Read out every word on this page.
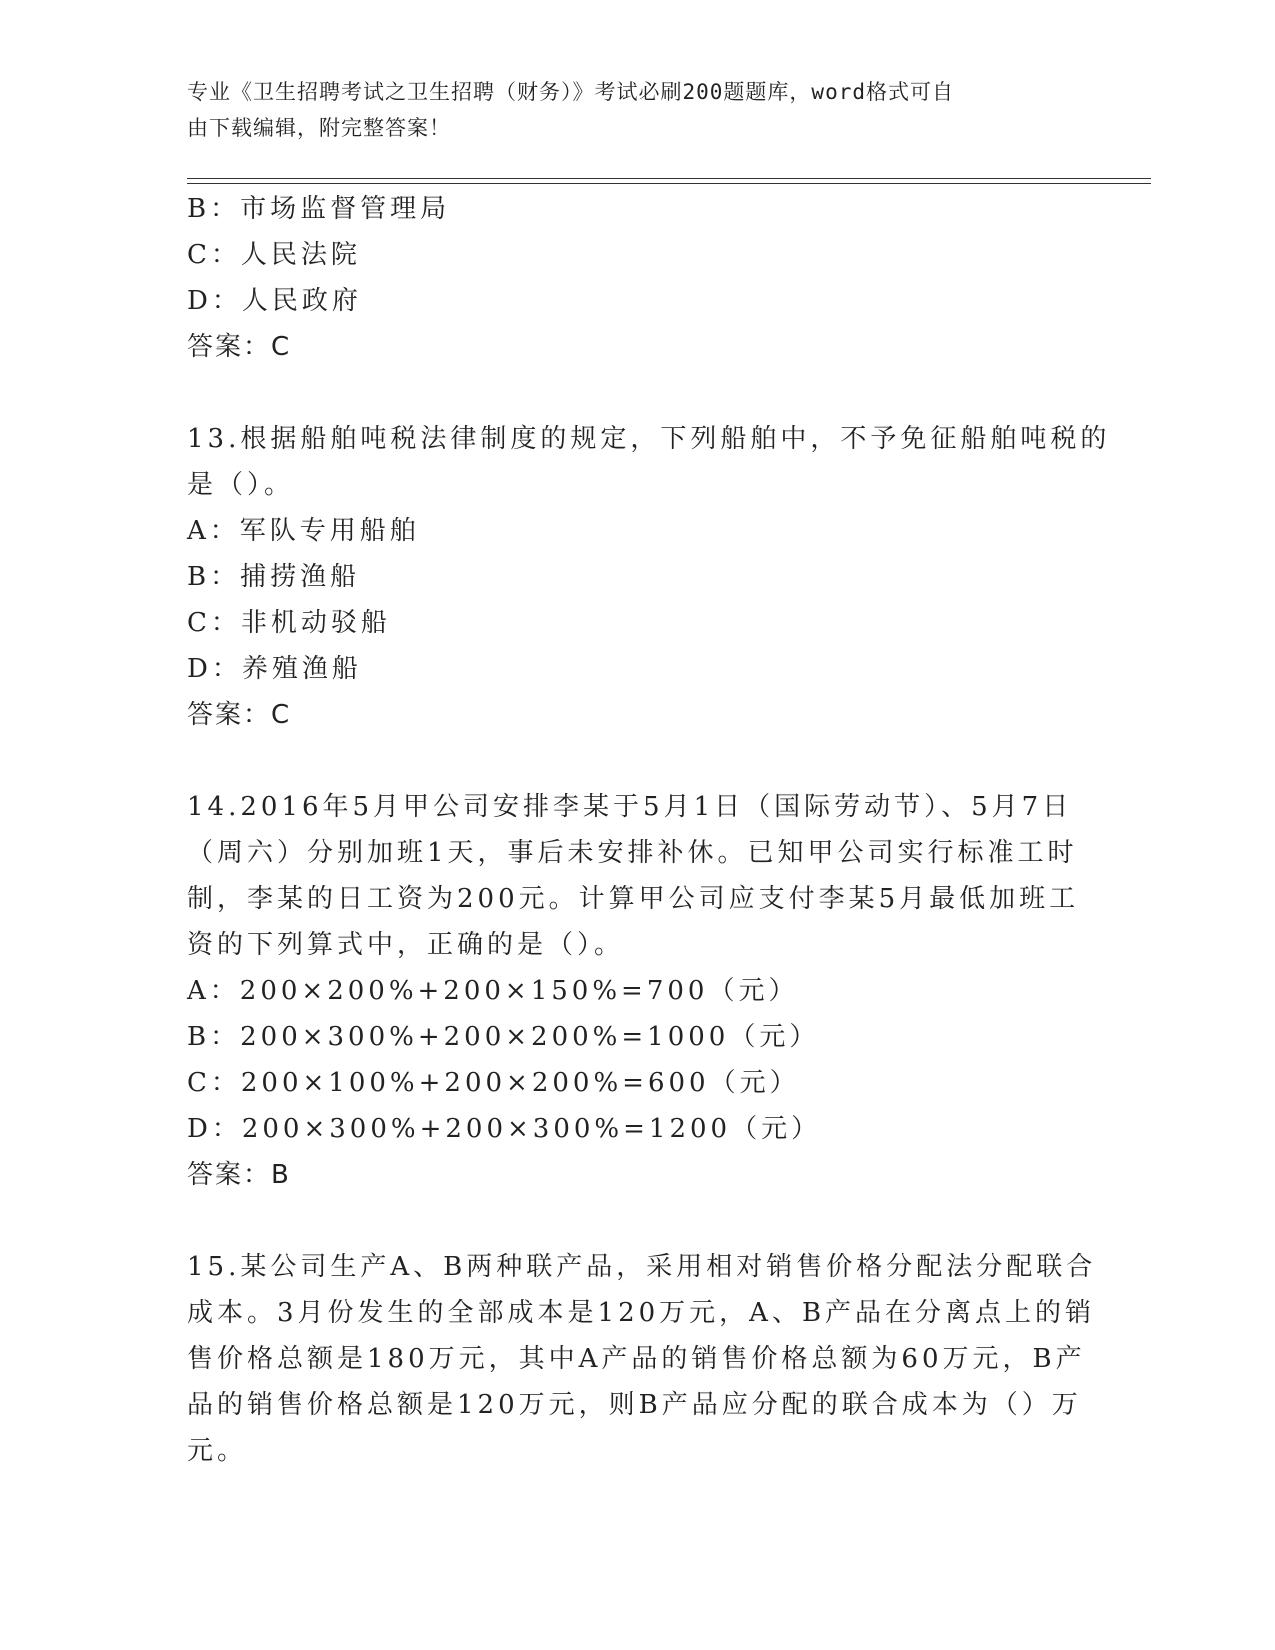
专业《卫生招聘考试之卫生招聘（财务）》考试必刷200题题库，word格式可自
由下载编辑，附完整答案！
B：市场监督管理局
C：人民法院
D：人民政府
答案：C
13.根据船舶吨税法律制度的规定，下列船舶中，不予免征船舶吨税的
是（）。
A：军队专用船舶
B：捕捞渔船
C：非机动驳船
D：养殖渔船
答案：C
14.2016年5月甲公司安排李某于5月1日（国际劳动节）、5月7日
（周六）分别加班1天，事后未安排补休。已知甲公司实行标准工时
制，李某的日工资为200元。计算甲公司应支付李某5月最低加班工
资的下列算式中，正确的是（）。
A：200×200%+200×150%=700（元）
B：200×300%+200×200%=1000（元）
C：200×100%+200×200%=600（元）
D：200×300%+200×300%=1200（元）
答案：B
15.某公司生产A、B两种联产品，采用相对销售价格分配法分配联合
成本。3月份发生的全部成本是120万元，A、B产品在分离点上的销
售价格总额是180万元，其中A产品的销售价格总额为60万元，B产
品的销售价格总额是120万元，则B产品应分配的联合成本为（）万
元。
